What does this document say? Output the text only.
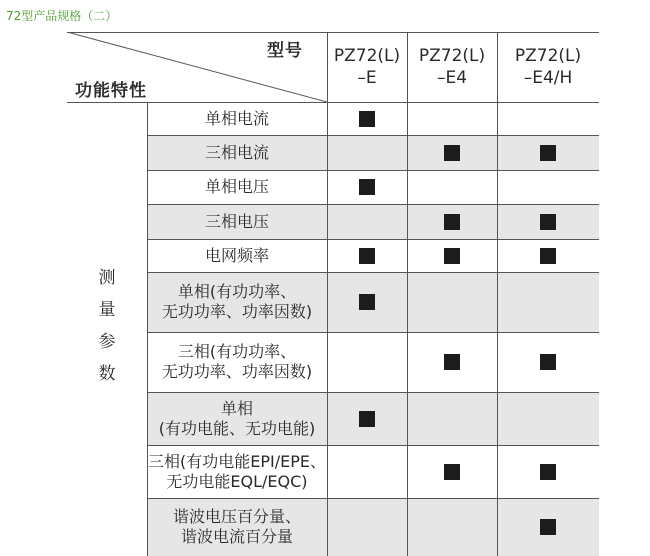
72型产品规格（二）
型号
功能特性
PZ72(L)
–E
PZ72(L)
–E4
PZ72(L)
–E4/H
测
量
参
数
单相电流
三相电流
单相电压
三相电压
电网频率
单相(有功功率、
无功功率、功率因数)
三相(有功功率、
无功功率、功率因数)
单相
(有功电能、无功电能)
三相(有功电能EPI/EPE、
无功电能EQL/EQC)
谐波电压百分量、
谐波电流百分量
